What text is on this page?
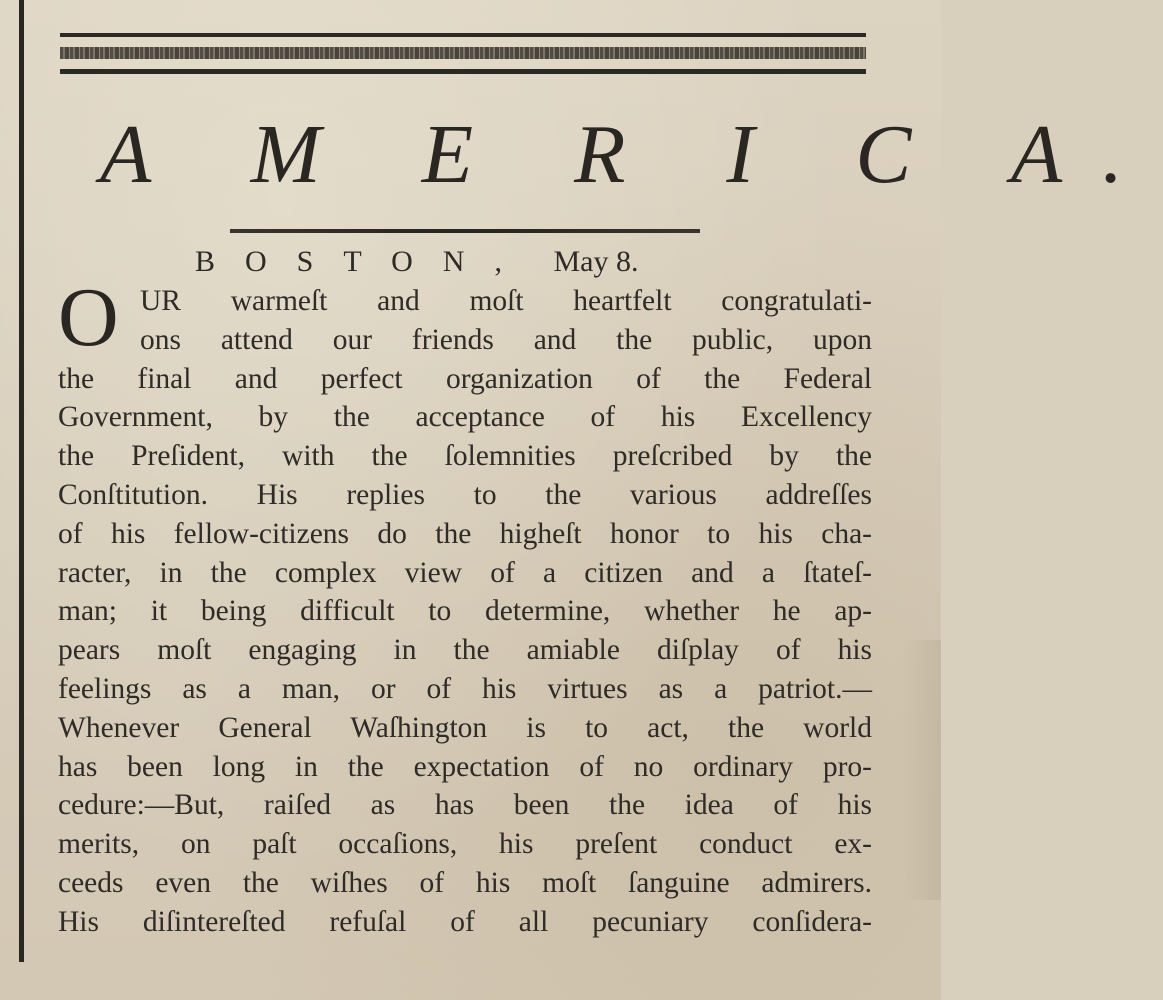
A M E R I C A.
BOSTON, May 8.
O UR warmeſt and moſt heartfelt congratulati-
ons attend our friends and the public, upon
the final and perfect organization of the Federal
Government, by the acceptance of his Excellency
the Preſident, with the ſolemnities preſcribed by the
Conſtitution. His replies to the various addreſſes
of his fellow-citizens do the higheſt honor to his cha-
racter, in the complex view of a citizen and a ſtateſ-
man; it being difficult to determine, whether he ap-
pears moſt engaging in the amiable diſplay of his
feelings as a man, or of his virtues as a patriot.—
Whenever General Waſhington is to act, the world
has been long in the expectation of no ordinary pro-
cedure:—But, raiſed as has been the idea of his
merits, on paſt occaſions, his preſent conduct ex-
ceeds even the wiſhes of his moſt ſanguine admirers.
His diſintereſted refuſal of all pecuniary conſidera-
